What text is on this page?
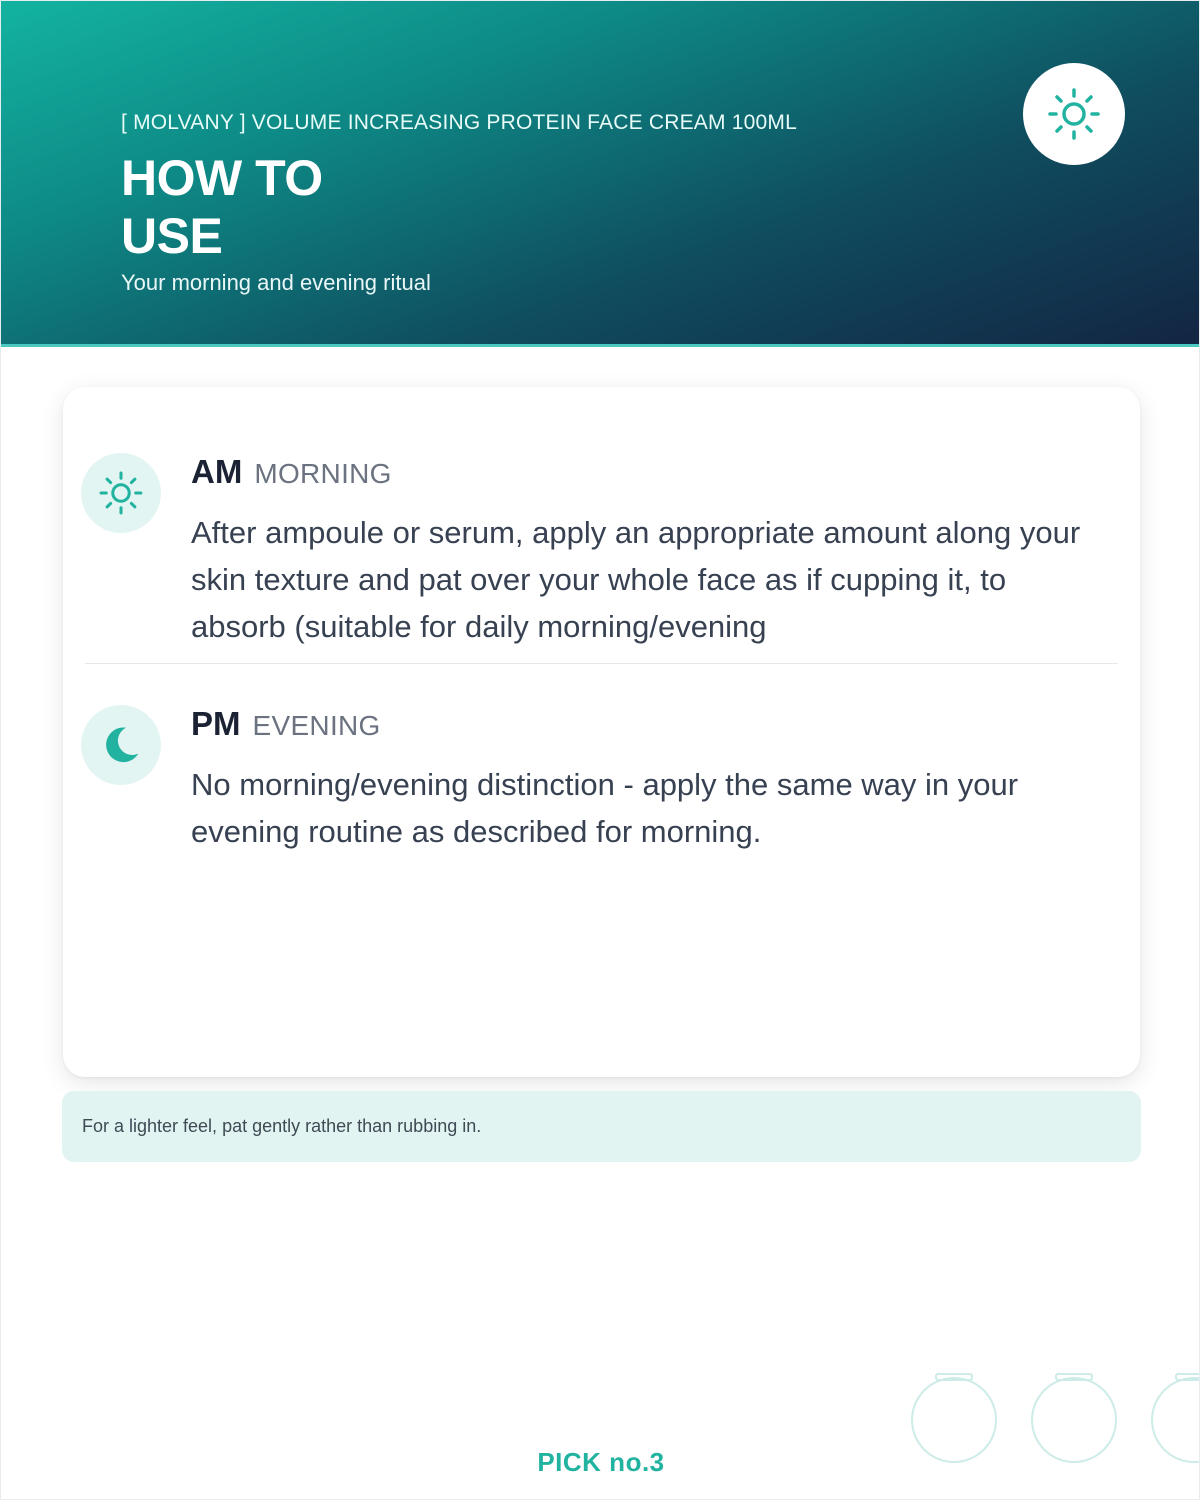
[ MOLVANY ] VOLUME INCREASING PROTEIN FACE CREAM 100ML
HOW TO
USE
Your morning and evening ritual
AM MORNING
After ampoule or serum, apply an appropriate amount along your skin texture and pat over your whole face as if cupping it, to absorb (suitable for daily morning/evening
PM EVENING
No morning/evening distinction - apply the same way in your evening routine as described for morning.
For a lighter feel, pat gently rather than rubbing in.
PICK no.3
